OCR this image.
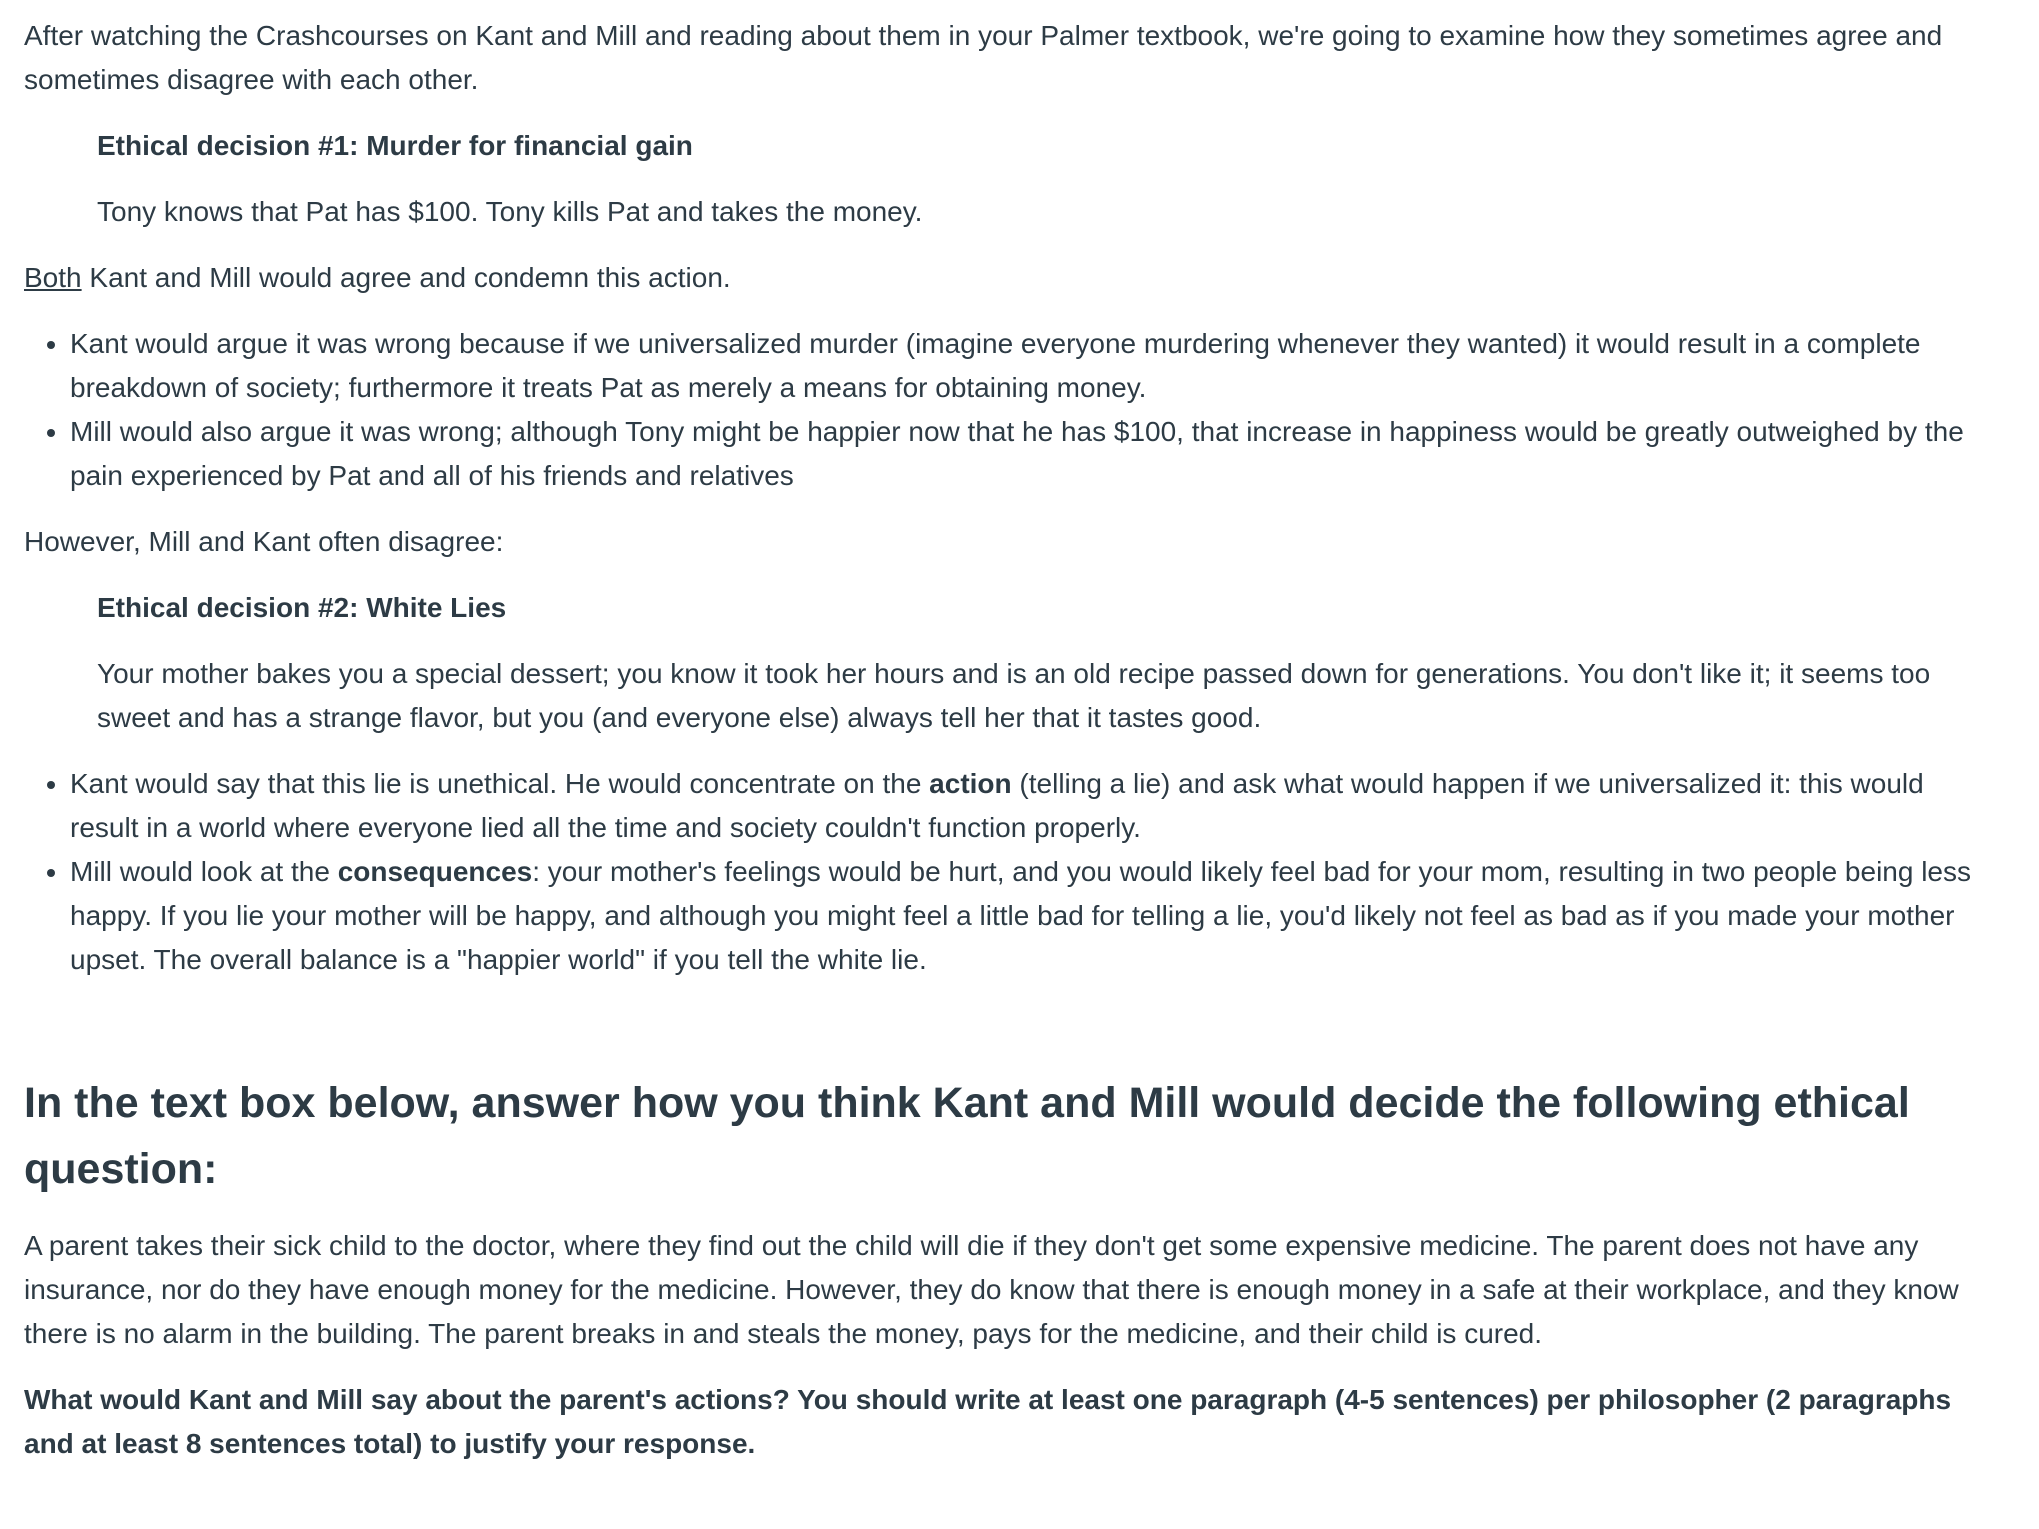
After watching the Crashcourses on Kant and Mill and reading about them in your Palmer textbook, we're going to examine how they sometimes agree and sometimes disagree with each other.

Ethical decision #1: Murder for financial gain

Tony knows that Pat has $100. Tony kills Pat and takes the money.

Both Kant and Mill would agree and condemn this action.

• Kant would argue it was wrong because if we universalized murder (imagine everyone murdering whenever they wanted) it would result in a complete breakdown of society; furthermore it treats Pat as merely a means for obtaining money.
• Mill would also argue it was wrong; although Tony might be happier now that he has $100, that increase in happiness would be greatly outweighed by the pain experienced by Pat and all of his friends and relatives

However, Mill and Kant often disagree:

Ethical decision #2: White Lies

Your mother bakes you a special dessert; you know it took her hours and is an old recipe passed down for generations. You don't like it; it seems too sweet and has a strange flavor, but you (and everyone else) always tell her that it tastes good.

• Kant would say that this lie is unethical. He would concentrate on the action (telling a lie) and ask what would happen if we universalized it: this would result in a world where everyone lied all the time and society couldn't function properly.
• Mill would look at the consequences: your mother's feelings would be hurt, and you would likely feel bad for your mom, resulting in two people being less happy. If you lie your mother will be happy, and although you might feel a little bad for telling a lie, you'd likely not feel as bad as if you made your mother upset. The overall balance is a "happier world" if you tell the white lie.
In the text box below, answer how you think Kant and Mill would decide the following ethical question:

A parent takes their sick child to the doctor, where they find out the child will die if they don't get some expensive medicine. The parent does not have any insurance, nor do they have enough money for the medicine. However, they do know that there is enough money in a safe at their workplace, and they know there is no alarm in the building. The parent breaks in and steals the money, pays for the medicine, and their child is cured.

What would Kant and Mill say about the parent's actions? You should write at least one paragraph (4-5 sentences) per philosopher (2 paragraphs and at least 8 sentences total) to justify your response.
